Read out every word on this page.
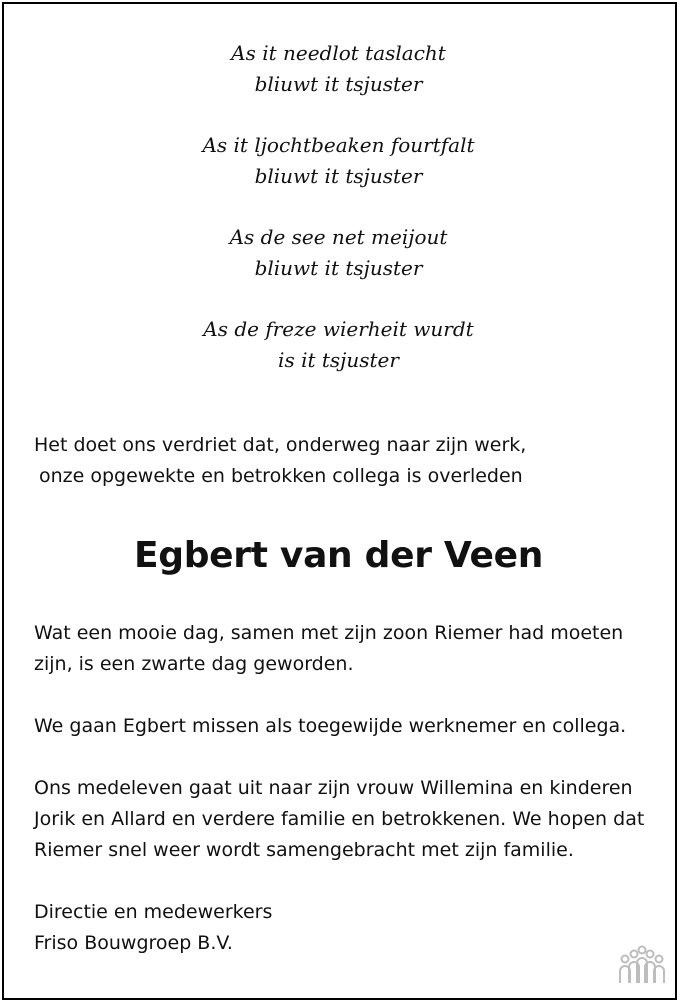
As it needlot taslacht
bliuwt it tsjuster
As it ljochtbeaken fourtfalt
bliuwt it tsjuster
As de see net meijout
bliuwt it tsjuster
As de freze wierheit wurdt
is it tsjuster
Het doet ons verdriet dat, onderweg naar zijn werk,
onze opgewekte en betrokken collega is overleden
Egbert van der Veen
Wat een mooie dag, samen met zijn zoon Riemer had moeten
zijn, is een zwarte dag geworden.
We gaan Egbert missen als toegewijde werknemer en collega.
Ons medeleven gaat uit naar zijn vrouw Willemina en kinderen
Jorik en Allard en verdere familie en betrokkenen. We hopen dat
Riemer snel weer wordt samengebracht met zijn familie.
Directie en medewerkers
Friso Bouwgroep B.V.
